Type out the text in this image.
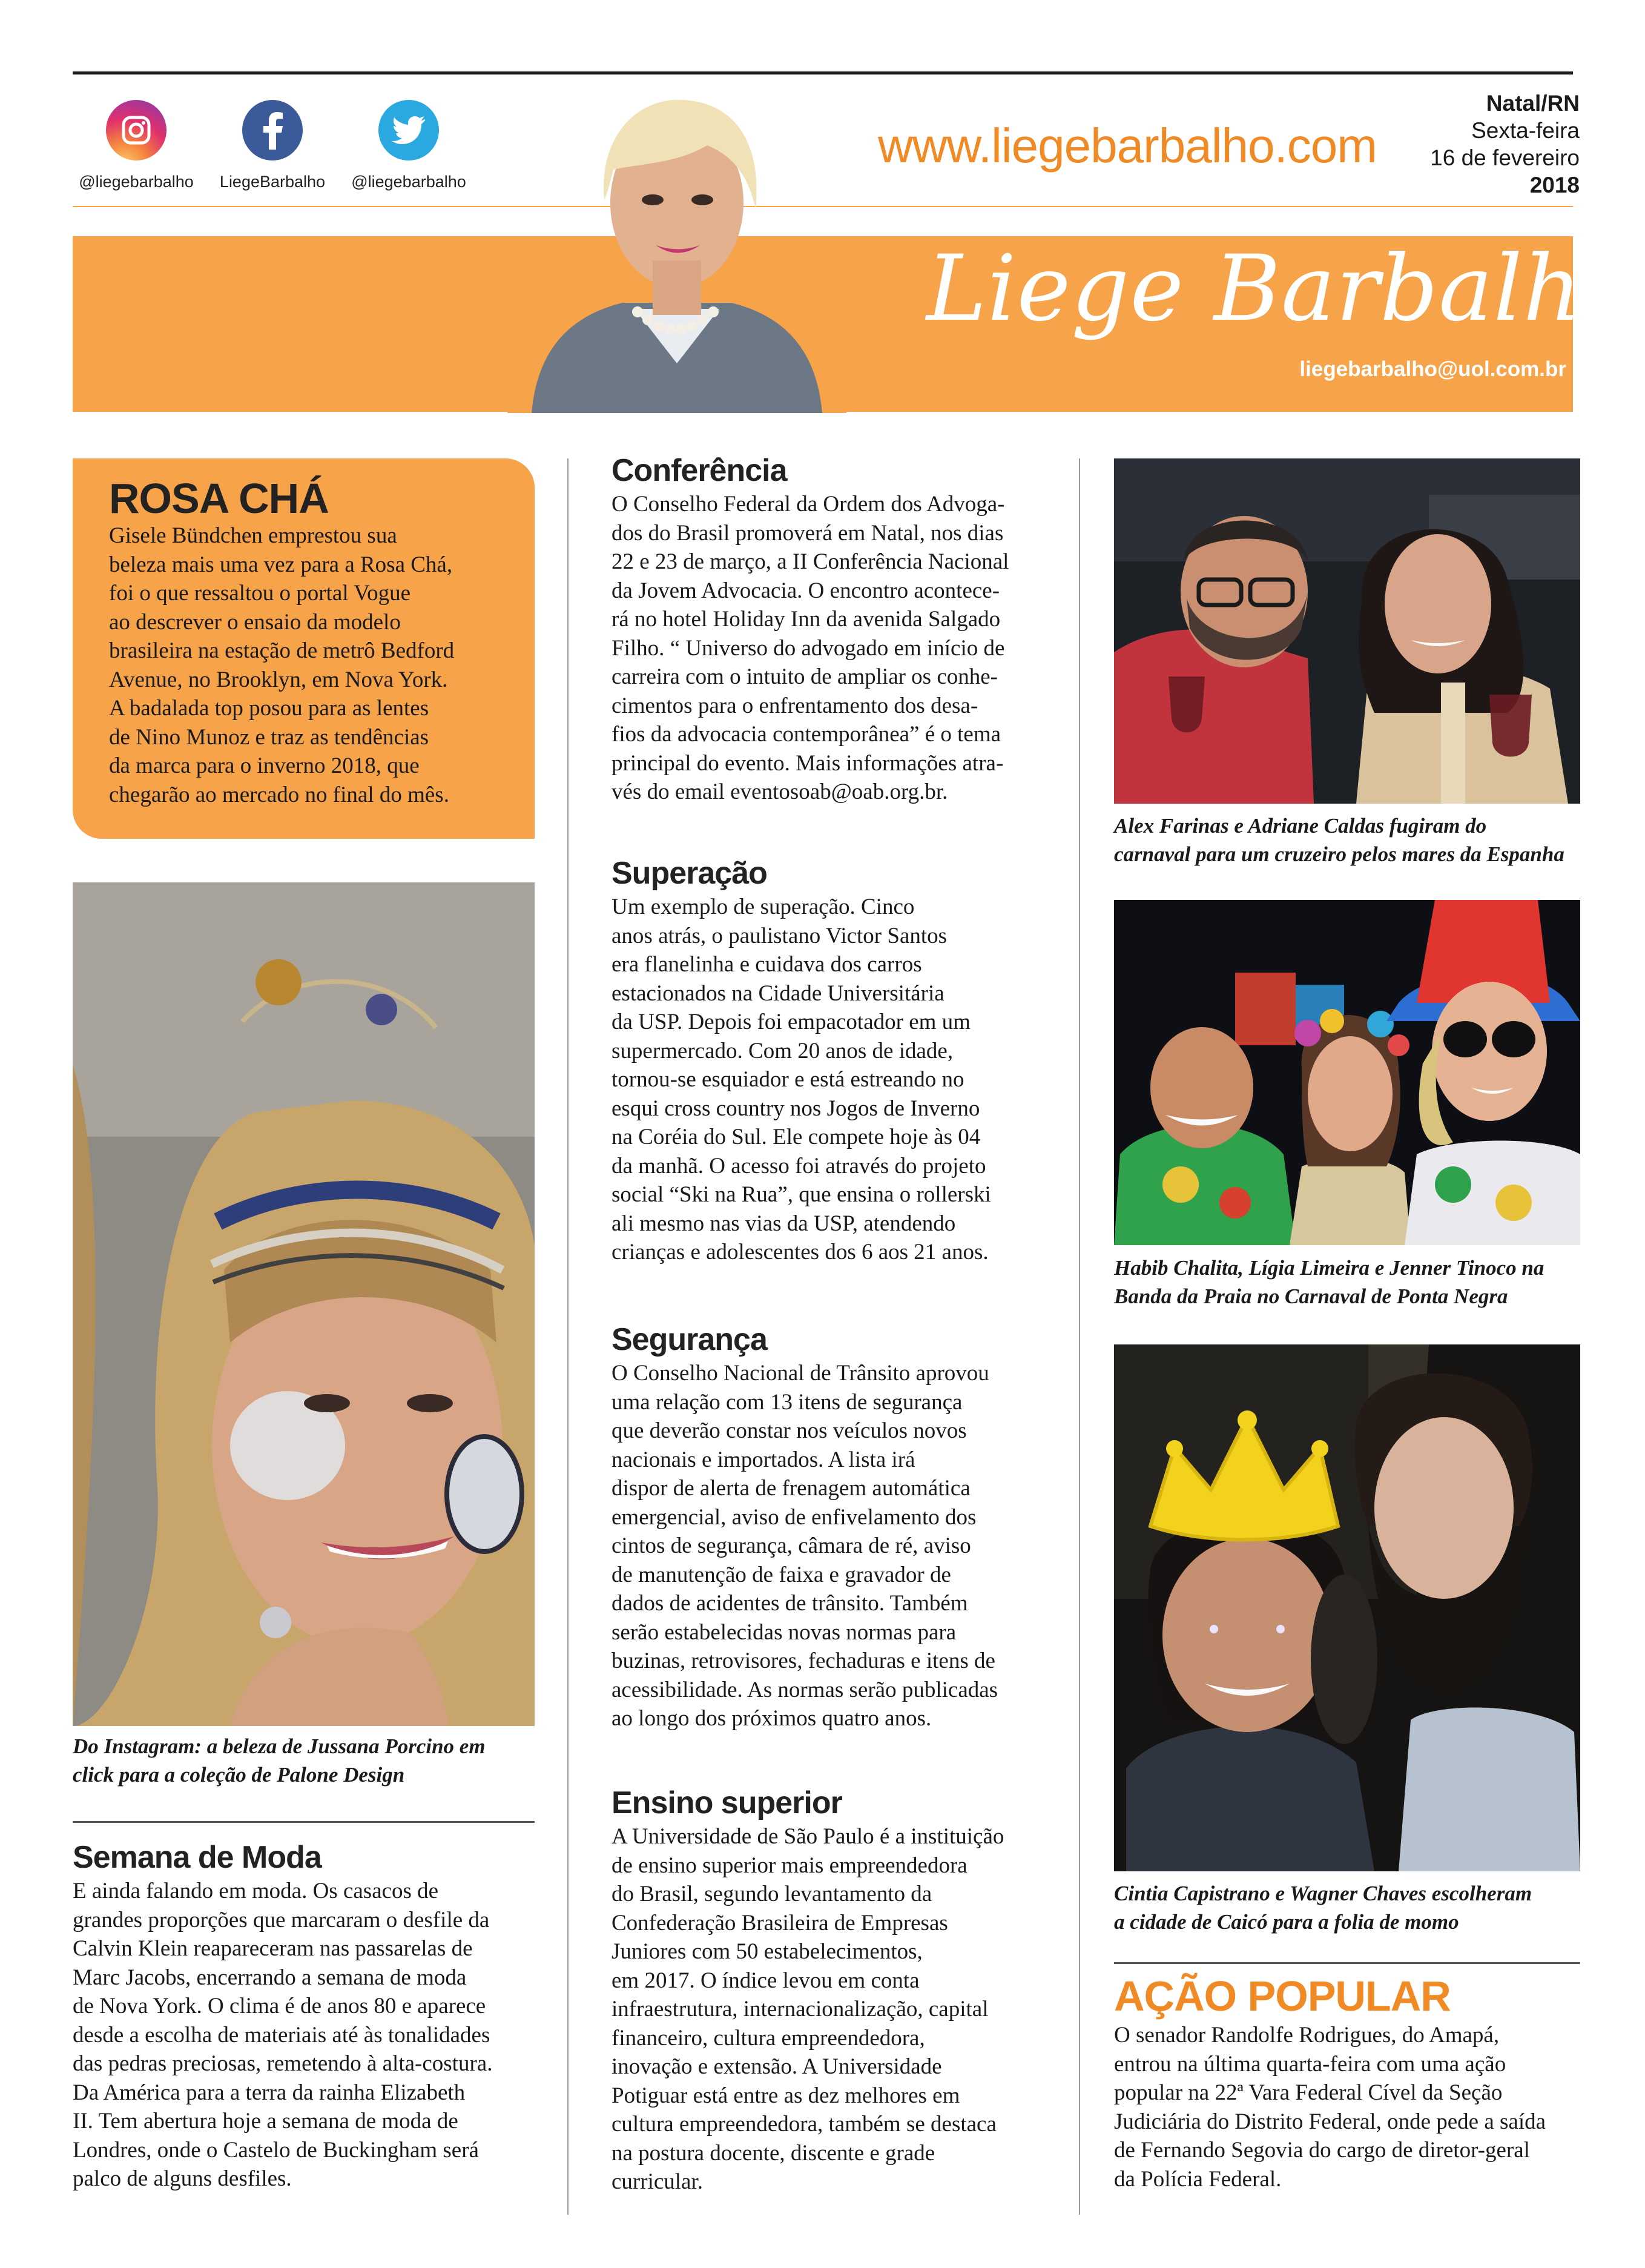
@liegebarbalho	LiegeBarbalho	@liegebarbalho
www.liegebarbalho.com
Natal/RN
Sexta-feira
16 de fevereiro
2018
Liege Barbalho
liegebarbalho@uol.com.br
ROSA CHÁ
Gisele Bündchen emprestou sua
beleza mais uma vez para a Rosa Chá,
foi o que ressaltou o portal Vogue
ao descrever o ensaio da modelo
brasileira na estação de metrô Bedford
Avenue, no Brooklyn, em Nova York.
A badalada top posou para as lentes
de Nino Munoz e traz as tendências
da marca para o inverno 2018, que
chegarão ao mercado no final do mês.
Do Instagram: a beleza de Jussana Porcino em
click para a coleção de Palone Design
Semana de Moda
E ainda falando em moda. Os casacos de
grandes proporções que marcaram o desfile da
Calvin Klein reapareceram nas passarelas de
Marc Jacobs, encerrando a semana de moda
de Nova York. O clima é de anos 80 e aparece
desde a escolha de materiais até às tonalidades
das pedras preciosas, remetendo à alta-costura.
Da América para a terra da rainha Elizabeth
II. Tem abertura hoje a semana de moda de
Londres, onde o Castelo de Buckingham será
palco de alguns desfiles.
Conferência
O Conselho Federal da Ordem dos Advoga-
dos do Brasil promoverá em Natal, nos dias
22 e 23 de março, a II Conferência Nacional
da Jovem Advocacia. O encontro acontece-
rá no hotel Holiday Inn da avenida Salgado
Filho. “ Universo do advogado em início de
carreira com o intuito de ampliar os conhe-
cimentos para o enfrentamento dos desa-
fios da advocacia contemporânea” é o tema
principal do evento. Mais informações atra-
vés do email eventosoab@oab.org.br.
Superação
Um exemplo de superação. Cinco
anos atrás, o paulistano Victor Santos
era flanelinha e cuidava dos carros
estacionados na Cidade Universitária
da USP. Depois foi empacotador em um
supermercado. Com 20 anos de idade,
tornou-se esquiador e está estreando no
esqui cross country nos Jogos de Inverno
na Coréia do Sul. Ele compete hoje às 04
da manhã. O acesso foi através do projeto
social “Ski na Rua”, que ensina o rollerski
ali mesmo nas vias da USP, atendendo
crianças e adolescentes dos 6 aos 21 anos.
Segurança
O Conselho Nacional de Trânsito aprovou
uma relação com 13 itens de segurança
que deverão constar nos veículos novos
nacionais e importados. A lista irá
dispor de alerta de frenagem automática
emergencial, aviso de enfivelamento dos
cintos de segurança, câmara de ré, aviso
de manutenção de faixa e gravador de
dados de acidentes de trânsito. Também
serão estabelecidas novas normas para
buzinas, retrovisores, fechaduras e itens de
acessibilidade. As normas serão publicadas
ao longo dos próximos quatro anos.
Ensino superior
A Universidade de São Paulo é a instituição
de ensino superior mais empreendedora
do Brasil, segundo levantamento da
Confederação Brasileira de Empresas
Juniores com 50 estabelecimentos,
em 2017. O índice levou em conta
infraestrutura, internacionalização, capital
financeiro, cultura empreendedora,
inovação e extensão. A Universidade
Potiguar está entre as dez melhores em
cultura empreendedora, também se destaca
na postura docente, discente e grade
curricular.
Alex Farinas e Adriane Caldas fugiram do
carnaval para um cruzeiro pelos mares da Espanha
Habib Chalita, Lígia Limeira e Jenner Tinoco na
Banda da Praia no Carnaval de Ponta Negra
Cintia Capistrano e Wagner Chaves escolheram
a cidade de Caicó para a folia de momo
AÇÃO POPULAR
O senador Randolfe Rodrigues, do Amapá,
entrou na última quarta-feira com uma ação
popular na 22ª Vara Federal Cível da Seção
Judiciária do Distrito Federal, onde pede a saída
de Fernando Segovia do cargo de diretor-geral
da Polícia Federal.
